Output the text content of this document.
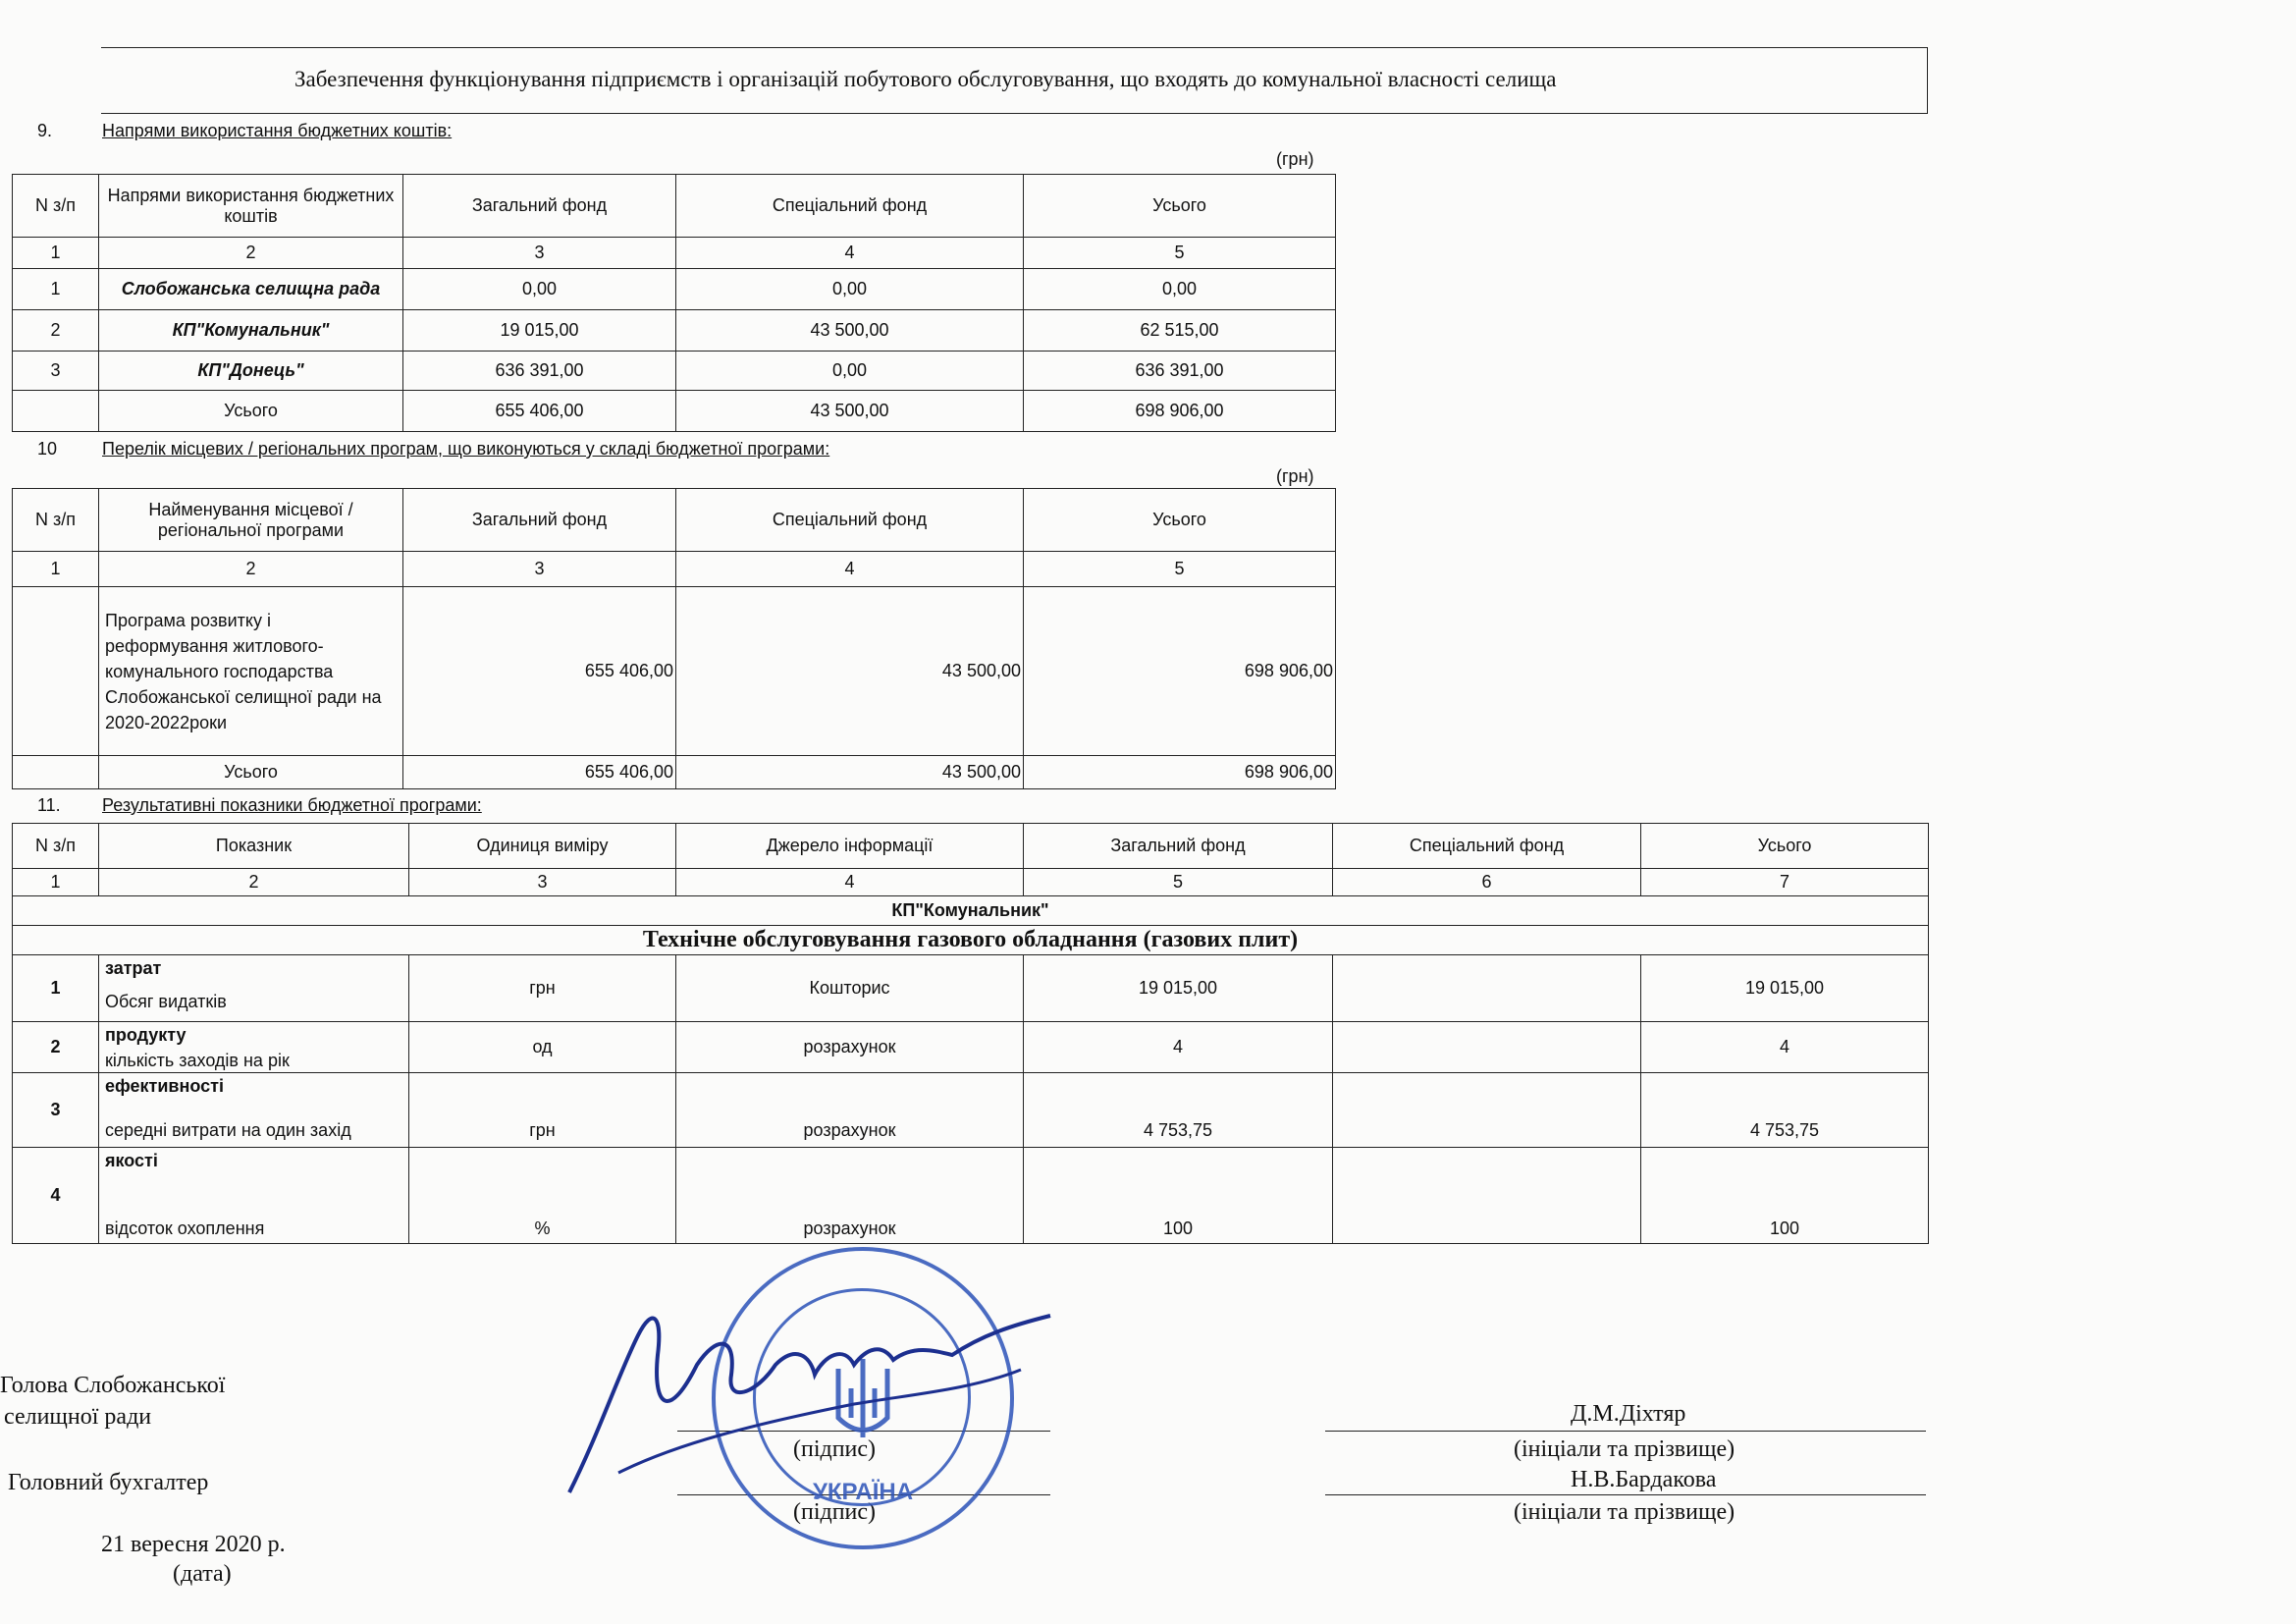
Забезпечення функціонування підприємств і організацій побутового обслуговування, що входять до комунальної власності селища
9.	Напрями використання бюджетних коштів:
(грн)
N з/п	Напрями використання бюджетних коштів	Загальний фонд	Спеціальний фонд	Усього
1	2	3	4	5
1	Слобожанська селищна рада	0,00	0,00	0,00
2	КП"Комунальник"	19 015,00	43 500,00	62 515,00
3	КП"Донець"	636 391,00	0,00	636 391,00
	Усього	655 406,00	43 500,00	698 906,00
10	Перелік місцевих / регіональних програм, що виконуються у складі бюджетної програми:
(грн)
N з/п	Найменування місцевої / регіональної програми	Загальний фонд	Спеціальний фонд	Усього
1	2	3	4	5
	Програма розвитку і реформування житлового-комунального господарства Слобожанської селищної ради на 2020-2022роки	655 406,00	43 500,00	698 906,00
	Усього	655 406,00	43 500,00	698 906,00
11. Результативні показники бюджетної програми:
N з/п	Показник	Одиниця виміру	Джерело інформації	Загальний фонд	Спеціальний фонд	Усього
1	2	3	4	5	6	7
КП"Комунальник"						
Технічне обслуговування газового обладнання (газових плит)						
1	затрат	грн	Кошторис	19 015,00		19 015,00
	Обсяг видатків					
2	продукту	од	розрахунок	4		4
	кількість заходів на рік					
3	ефективності	грн	розрахунок	4 753,75		4 753,75
	середні витрати на один захід					
4	якості	%	розрахунок	100		100
	відсоток охоплення					
Голова Слобожанської
селищної ради	Д.М.Діхтяр
(підпис)	(ініціали та прізвище)
Головний бухгалтер	Н.В.Бардакова
(підпис)	(ініціали та прізвище)
21 вересня 2020 р.
(дата)
УКРАЇНА
